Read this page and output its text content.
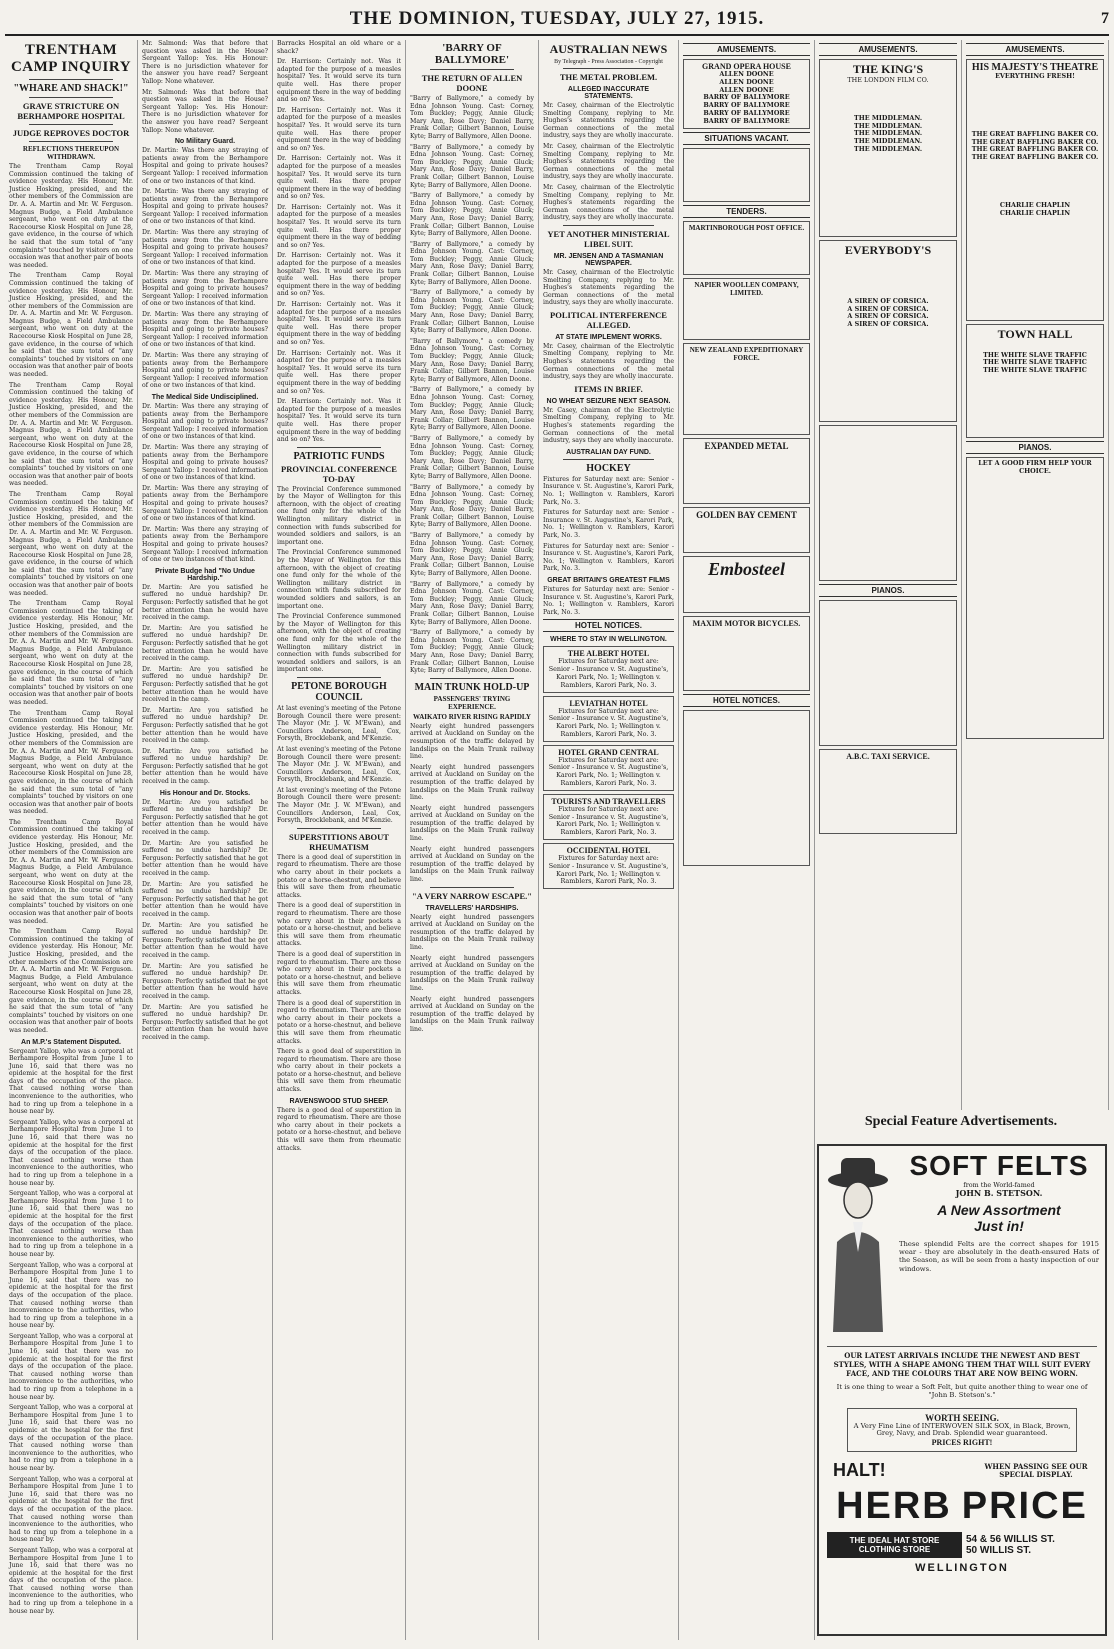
THE DOMINION, TUESDAY, JULY 27, 1915.	7
TRENTHAM CAMP INQUIRY
"WHARE AND SHACK!"
GRAVE STRICTURE ON BERHAMPORE HOSPITAL
JUDGE REPROVES DOCTOR
REFLECTIONS THEREUPON WITHDRAWN.

The Trentham Camp Royal Commission continued the taking of evidence yesterday. His Honour, Mr. Justice Hosking, presided, and the other members of the Commission are Dr. A. A. Martin and Mr. W. Ferguson. Magnus Budge, a Field Ambulance sergeant, who went on duty at the Racecourse Kiosk Hospital on June 28, gave evidence, in the course of which he said that the sum total of "any complaints" touched by visitors on one occasion was that another pair of boots was needed.

The Trentham Camp Royal Commission continued the taking of evidence yesterday. His Honour, Mr. Justice Hosking, presided, and the other members of the Commission are Dr. A. A. Martin and Mr. W. Ferguson. Magnus Budge, a Field Ambulance sergeant, who went on duty at the Racecourse Kiosk Hospital on June 28, gave evidence, in the course of which he said that the sum total of "any complaints" touched by visitors on one occasion was that another pair of boots was needed.

The Trentham Camp Royal Commission continued the taking of evidence yesterday. His Honour, Mr. Justice Hosking, presided, and the other members of the Commission are Dr. A. A. Martin and Mr. W. Ferguson. Magnus Budge, a Field Ambulance sergeant, who went on duty at the Racecourse Kiosk Hospital on June 28, gave evidence, in the course of which he said that the sum total of "any complaints" touched by visitors on one occasion was that another pair of boots was needed.

The Trentham Camp Royal Commission continued the taking of evidence yesterday. His Honour, Mr. Justice Hosking, presided, and the other members of the Commission are Dr. A. A. Martin and Mr. W. Ferguson. Magnus Budge, a Field Ambulance sergeant, who went on duty at the Racecourse Kiosk Hospital on June 28, gave evidence, in the course of which he said that the sum total of "any complaints" touched by visitors on one occasion was that another pair of boots was needed.

The Trentham Camp Royal Commission continued the taking of evidence yesterday. His Honour, Mr. Justice Hosking, presided, and the other members of the Commission are Dr. A. A. Martin and Mr. W. Ferguson. Magnus Budge, a Field Ambulance sergeant, who went on duty at the Racecourse Kiosk Hospital on June 28, gave evidence, in the course of which he said that the sum total of "any complaints" touched by visitors on one occasion was that another pair of boots was needed.

The Trentham Camp Royal Commission continued the taking of evidence yesterday. His Honour, Mr. Justice Hosking, presided, and the other members of the Commission are Dr. A. A. Martin and Mr. W. Ferguson. Magnus Budge, a Field Ambulance sergeant, who went on duty at the Racecourse Kiosk Hospital on June 28, gave evidence, in the course of which he said that the sum total of "any complaints" touched by visitors on one occasion was that another pair of boots was needed.

The Trentham Camp Royal Commission continued the taking of evidence yesterday. His Honour, Mr. Justice Hosking, presided, and the other members of the Commission are Dr. A. A. Martin and Mr. W. Ferguson. Magnus Budge, a Field Ambulance sergeant, who went on duty at the Racecourse Kiosk Hospital on June 28, gave evidence, in the course of which he said that the sum total of "any complaints" touched by visitors on one occasion was that another pair of boots was needed.

The Trentham Camp Royal Commission continued the taking of evidence yesterday. His Honour, Mr. Justice Hosking, presided, and the other members of the Commission are Dr. A. A. Martin and Mr. W. Ferguson. Magnus Budge, a Field Ambulance sergeant, who went on duty at the Racecourse Kiosk Hospital on June 28, gave evidence, in the course of which he said that the sum total of "any complaints" touched by visitors on one occasion was that another pair of boots was needed.

An M.P.'s Statement Disputed.

Sergeant Yallop, who was a corporal at Berhampore Hospital from June 1 to June 16, said that there was no epidemic at the hospital for the first days of the occupation of the place. That caused nothing worse than inconvenience to the authorities, who had to ring up from a telephone in a house near by.

Sergeant Yallop, who was a corporal at Berhampore Hospital from June 1 to June 16, said that there was no epidemic at the hospital for the first days of the occupation of the place. That caused nothing worse than inconvenience to the authorities, who had to ring up from a telephone in a house near by.

Sergeant Yallop, who was a corporal at Berhampore Hospital from June 1 to June 16, said that there was no epidemic at the hospital for the first days of the occupation of the place. That caused nothing worse than inconvenience to the authorities, who had to ring up from a telephone in a house near by.

Sergeant Yallop, who was a corporal at Berhampore Hospital from June 1 to June 16, said that there was no epidemic at the hospital for the first days of the occupation of the place. That caused nothing worse than inconvenience to the authorities, who had to ring up from a telephone in a house near by.

Sergeant Yallop, who was a corporal at Berhampore Hospital from June 1 to June 16, said that there was no epidemic at the hospital for the first days of the occupation of the place. That caused nothing worse than inconvenience to the authorities, who had to ring up from a telephone in a house near by.

Sergeant Yallop, who was a corporal at Berhampore Hospital from June 1 to June 16, said that there was no epidemic at the hospital for the first days of the occupation of the place. That caused nothing worse than inconvenience to the authorities, who had to ring up from a telephone in a house near by.

Sergeant Yallop, who was a corporal at Berhampore Hospital from June 1 to June 16, said that there was no epidemic at the hospital for the first days of the occupation of the place. That caused nothing worse than inconvenience to the authorities, who had to ring up from a telephone in a house near by.

Sergeant Yallop, who was a corporal at Berhampore Hospital from June 1 to June 16, said that there was no epidemic at the hospital for the first days of the occupation of the place. That caused nothing worse than inconvenience to the authorities, who had to ring up from a telephone in a house near by.

Mr. Salmond: Was that before that question was asked in the House? Sergeant Yallop: Yes. His Honour: There is no jurisdiction whatever for the answer you have read? Sergeant Yallop: None whatever.

Mr. Salmond: Was that before that question was asked in the House? Sergeant Yallop: Yes. His Honour: There is no jurisdiction whatever for the answer you have read? Sergeant Yallop: None whatever.

No Military Guard.

Dr. Martin: Was there any straying of patients away from the Berhampore Hospital and going to private houses? Sergeant Yallop: I received information of one or two instances of that kind.

Dr. Martin: Was there any straying of patients away from the Berhampore Hospital and going to private houses? Sergeant Yallop: I received information of one or two instances of that kind.

Dr. Martin: Was there any straying of patients away from the Berhampore Hospital and going to private houses? Sergeant Yallop: I received information of one or two instances of that kind.

Dr. Martin: Was there any straying of patients away from the Berhampore Hospital and going to private houses? Sergeant Yallop: I received information of one or two instances of that kind.

Dr. Martin: Was there any straying of patients away from the Berhampore Hospital and going to private houses? Sergeant Yallop: I received information of one or two instances of that kind.

Dr. Martin: Was there any straying of patients away from the Berhampore Hospital and going to private houses? Sergeant Yallop: I received information of one or two instances of that kind.

The Medical Side Undisciplined.

Dr. Martin: Was there any straying of patients away from the Berhampore Hospital and going to private houses? Sergeant Yallop: I received information of one or two instances of that kind.

Dr. Martin: Was there any straying of patients away from the Berhampore Hospital and going to private houses? Sergeant Yallop: I received information of one or two instances of that kind.

Dr. Martin: Was there any straying of patients away from the Berhampore Hospital and going to private houses? Sergeant Yallop: I received information of one or two instances of that kind.

Dr. Martin: Was there any straying of patients away from the Berhampore Hospital and going to private houses? Sergeant Yallop: I received information of one or two instances of that kind.

Private Budge had "No Undue Hardship."

Dr. Martin: Are you satisfied he suffered no undue hardship? Dr. Ferguson: Perfectly satisfied that he got better attention than he would have received in the camp.

Dr. Martin: Are you satisfied he suffered no undue hardship? Dr. Ferguson: Perfectly satisfied that he got better attention than he would have received in the camp.

Dr. Martin: Are you satisfied he suffered no undue hardship? Dr. Ferguson: Perfectly satisfied that he got better attention than he would have received in the camp.

Dr. Martin: Are you satisfied he suffered no undue hardship? Dr. Ferguson: Perfectly satisfied that he got better attention than he would have received in the camp.

Dr. Martin: Are you satisfied he suffered no undue hardship? Dr. Ferguson: Perfectly satisfied that he got better attention than he would have received in the camp.

His Honour and Dr. Stocks.

Dr. Martin: Are you satisfied he suffered no undue hardship? Dr. Ferguson: Perfectly satisfied that he got better attention than he would have received in the camp.

Dr. Martin: Are you satisfied he suffered no undue hardship? Dr. Ferguson: Perfectly satisfied that he got better attention than he would have received in the camp.

Dr. Martin: Are you satisfied he suffered no undue hardship? Dr. Ferguson: Perfectly satisfied that he got better attention than he would have received in the camp.

Dr. Martin: Are you satisfied he suffered no undue hardship? Dr. Ferguson: Perfectly satisfied that he got better attention than he would have received in the camp.

Dr. Martin: Are you satisfied he suffered no undue hardship? Dr. Ferguson: Perfectly satisfied that he got better attention than he would have received in the camp.

Dr. Martin: Are you satisfied he suffered no undue hardship? Dr. Ferguson: Perfectly satisfied that he got better attention than he would have received in the camp.

Barracks Hospital an old whare or a shack?

Dr. Harrison: Certainly not. Was it adapted for the purpose of a measles hospital? Yes. It would serve its turn quite well. Has there proper equipment there in the way of bedding and so on? Yes.

Dr. Harrison: Certainly not. Was it adapted for the purpose of a measles hospital? Yes. It would serve its turn quite well. Has there proper equipment there in the way of bedding and so on? Yes.

Dr. Harrison: Certainly not. Was it adapted for the purpose of a measles hospital? Yes. It would serve its turn quite well. Has there proper equipment there in the way of bedding and so on? Yes.

Dr. Harrison: Certainly not. Was it adapted for the purpose of a measles hospital? Yes. It would serve its turn quite well. Has there proper equipment there in the way of bedding and so on? Yes.

Dr. Harrison: Certainly not. Was it adapted for the purpose of a measles hospital? Yes. It would serve its turn quite well. Has there proper equipment there in the way of bedding and so on? Yes.

Dr. Harrison: Certainly not. Was it adapted for the purpose of a measles hospital? Yes. It would serve its turn quite well. Has there proper equipment there in the way of bedding and so on? Yes.

Dr. Harrison: Certainly not. Was it adapted for the purpose of a measles hospital? Yes. It would serve its turn quite well. Has there proper equipment there in the way of bedding and so on? Yes.

Dr. Harrison: Certainly not. Was it adapted for the purpose of a measles hospital? Yes. It would serve its turn quite well. Has there proper equipment there in the way of bedding and so on? Yes.

PATRIOTIC FUNDS
PROVINCIAL CONFERENCE TO-DAY

The Provincial Conference summoned by the Mayor of Wellington for this afternoon, with the object of creating one fund only for the whole of the Wellington military district in connection with funds subscribed for wounded soldiers and sailors, is an important one.

The Provincial Conference summoned by the Mayor of Wellington for this afternoon, with the object of creating one fund only for the whole of the Wellington military district in connection with funds subscribed for wounded soldiers and sailors, is an important one.

The Provincial Conference summoned by the Mayor of Wellington for this afternoon, with the object of creating one fund only for the whole of the Wellington military district in connection with funds subscribed for wounded soldiers and sailors, is an important one.

PETONE BOROUGH COUNCIL

At last evening's meeting of the Petone Borough Council there were present: The Mayor (Mr. J. W. M'Ewan), and Councillors Anderson, Leal, Cox, Forsyth, Brocklebank, and M'Kenzie.

At last evening's meeting of the Petone Borough Council there were present: The Mayor (Mr. J. W. M'Ewan), and Councillors Anderson, Leal, Cox, Forsyth, Brocklebank, and M'Kenzie.

At last evening's meeting of the Petone Borough Council there were present: The Mayor (Mr. J. W. M'Ewan), and Councillors Anderson, Leal, Cox, Forsyth, Brocklebank, and M'Kenzie.

SUPERSTITIONS ABOUT RHEUMATISM

There is a good deal of superstition in regard to rheumatism. There are those who carry about in their pockets a potato or a horse-chestnut, and believe this will save them from rheumatic attacks.

There is a good deal of superstition in regard to rheumatism. There are those who carry about in their pockets a potato or a horse-chestnut, and believe this will save them from rheumatic attacks.

There is a good deal of superstition in regard to rheumatism. There are those who carry about in their pockets a potato or a horse-chestnut, and believe this will save them from rheumatic attacks.

There is a good deal of superstition in regard to rheumatism. There are those who carry about in their pockets a potato or a horse-chestnut, and believe this will save them from rheumatic attacks.

There is a good deal of superstition in regard to rheumatism. There are those who carry about in their pockets a potato or a horse-chestnut, and believe this will save them from rheumatic attacks.

RAVENSWOOD STUD SHEEP.

There is a good deal of superstition in regard to rheumatism. There are those who carry about in their pockets a potato or a horse-chestnut, and believe this will save them from rheumatic attacks.

'BARRY OF BALLYMORE'
THE RETURN OF ALLEN DOONE

"Barry of Ballymore," a comedy by Edna Johnson Young. Cast: Corney, Tom Buckley; Peggy, Annie Gluck; Mary Ann, Rose Davy; Daniel Barry, Frank Collar; Gilbert Bannon, Louise Kyte; Barry of Ballymore, Allen Doone.

"Barry of Ballymore," a comedy by Edna Johnson Young. Cast: Corney, Tom Buckley; Peggy, Annie Gluck; Mary Ann, Rose Davy; Daniel Barry, Frank Collar; Gilbert Bannon, Louise Kyte; Barry of Ballymore, Allen Doone.

"Barry of Ballymore," a comedy by Edna Johnson Young. Cast: Corney, Tom Buckley; Peggy, Annie Gluck; Mary Ann, Rose Davy; Daniel Barry, Frank Collar; Gilbert Bannon, Louise Kyte; Barry of Ballymore, Allen Doone.

"Barry of Ballymore," a comedy by Edna Johnson Young. Cast: Corney, Tom Buckley; Peggy, Annie Gluck; Mary Ann, Rose Davy; Daniel Barry, Frank Collar; Gilbert Bannon, Louise Kyte; Barry of Ballymore, Allen Doone.

"Barry of Ballymore," a comedy by Edna Johnson Young. Cast: Corney, Tom Buckley; Peggy, Annie Gluck; Mary Ann, Rose Davy; Daniel Barry, Frank Collar; Gilbert Bannon, Louise Kyte; Barry of Ballymore, Allen Doone.

"Barry of Ballymore," a comedy by Edna Johnson Young. Cast: Corney, Tom Buckley; Peggy, Annie Gluck; Mary Ann, Rose Davy; Daniel Barry, Frank Collar; Gilbert Bannon, Louise Kyte; Barry of Ballymore, Allen Doone.

"Barry of Ballymore," a comedy by Edna Johnson Young. Cast: Corney, Tom Buckley; Peggy, Annie Gluck; Mary Ann, Rose Davy; Daniel Barry, Frank Collar; Gilbert Bannon, Louise Kyte; Barry of Ballymore, Allen Doone.

"Barry of Ballymore," a comedy by Edna Johnson Young. Cast: Corney, Tom Buckley; Peggy, Annie Gluck; Mary Ann, Rose Davy; Daniel Barry, Frank Collar; Gilbert Bannon, Louise Kyte; Barry of Ballymore, Allen Doone.

"Barry of Ballymore," a comedy by Edna Johnson Young. Cast: Corney, Tom Buckley; Peggy, Annie Gluck; Mary Ann, Rose Davy; Daniel Barry, Frank Collar; Gilbert Bannon, Louise Kyte; Barry of Ballymore, Allen Doone.

"Barry of Ballymore," a comedy by Edna Johnson Young. Cast: Corney, Tom Buckley; Peggy, Annie Gluck; Mary Ann, Rose Davy; Daniel Barry, Frank Collar; Gilbert Bannon, Louise Kyte; Barry of Ballymore, Allen Doone.

"Barry of Ballymore," a comedy by Edna Johnson Young. Cast: Corney, Tom Buckley; Peggy, Annie Gluck; Mary Ann, Rose Davy; Daniel Barry, Frank Collar; Gilbert Bannon, Louise Kyte; Barry of Ballymore, Allen Doone.

"Barry of Ballymore," a comedy by Edna Johnson Young. Cast: Corney, Tom Buckley; Peggy, Annie Gluck; Mary Ann, Rose Davy; Daniel Barry, Frank Collar; Gilbert Bannon, Louise Kyte; Barry of Ballymore, Allen Doone.

MAIN TRUNK HOLD-UP
PASSENGERS' TRYING EXPERIENCE.
WAIKATO RIVER RISING RAPIDLY

Nearly eight hundred passengers arrived at Auckland on Sunday on the resumption of the traffic delayed by landslips on the Main Trunk railway line.

Nearly eight hundred passengers arrived at Auckland on Sunday on the resumption of the traffic delayed by landslips on the Main Trunk railway line.

Nearly eight hundred passengers arrived at Auckland on Sunday on the resumption of the traffic delayed by landslips on the Main Trunk railway line.

Nearly eight hundred passengers arrived at Auckland on Sunday on the resumption of the traffic delayed by landslips on the Main Trunk railway line.

"A VERY NARROW ESCAPE."
TRAVELLERS' HARDSHIPS.

Nearly eight hundred passengers arrived at Auckland on Sunday on the resumption of the traffic delayed by landslips on the Main Trunk railway line.

Nearly eight hundred passengers arrived at Auckland on Sunday on the resumption of the traffic delayed by landslips on the Main Trunk railway line.

Nearly eight hundred passengers arrived at Auckland on Sunday on the resumption of the traffic delayed by landslips on the Main Trunk railway line.

AUSTRALIAN NEWS
By Telegraph - Press Association - Copyright
THE METAL PROBLEM.
ALLEGED INACCURATE STATEMENTS.

Mr. Casey, chairman of the Electrolytic Smelting Company, replying to Mr. Hughes's statements regarding the German connections of the metal industry, says they are wholly inaccurate.

Mr. Casey, chairman of the Electrolytic Smelting Company, replying to Mr. Hughes's statements regarding the German connections of the metal industry, says they are wholly inaccurate.

Mr. Casey, chairman of the Electrolytic Smelting Company, replying to Mr. Hughes's statements regarding the German connections of the metal industry, says they are wholly inaccurate.

YET ANOTHER MINISTERIAL LIBEL SUIT.
MR. JENSEN AND A TASMANIAN NEWSPAPER.

Mr. Casey, chairman of the Electrolytic Smelting Company, replying to Mr. Hughes's statements regarding the German connections of the metal industry, says they are wholly inaccurate.

POLITICAL INTERFERENCE ALLEGED.
AT STATE IMPLEMENT WORKS.

Mr. Casey, chairman of the Electrolytic Smelting Company, replying to Mr. Hughes's statements regarding the German connections of the metal industry, says they are wholly inaccurate.

ITEMS IN BRIEF.
NO WHEAT SEIZURE NEXT SEASON.

Mr. Casey, chairman of the Electrolytic Smelting Company, replying to Mr. Hughes's statements regarding the German connections of the metal industry, says they are wholly inaccurate.

AUSTRALIAN DAY FUND.
HOCKEY

Fixtures for Saturday next are: Senior - Insurance v. St. Augustine's, Karori Park, No. 1; Wellington v. Ramblers, Karori Park, No. 3.

Fixtures for Saturday next are: Senior - Insurance v. St. Augustine's, Karori Park, No. 1; Wellington v. Ramblers, Karori Park, No. 3.

Fixtures for Saturday next are: Senior - Insurance v. St. Augustine's, Karori Park, No. 1; Wellington v. Ramblers, Karori Park, No. 3.

GREAT BRITAIN'S GREATEST FILMS

Fixtures for Saturday next are: Senior - Insurance v. St. Augustine's, Karori Park, No. 1; Wellington v. Ramblers, Karori Park, No. 3.

HOTEL NOTICES.
WHERE TO STAY IN WELLINGTON.
THE ALBERT HOTEL
Fixtures for Saturday next are: Senior - Insurance v. St. Augustine's, Karori Park, No. 1; Wellington v. Ramblers, Karori Park, No. 3.
LEVIATHAN HOTEL
Fixtures for Saturday next are: Senior - Insurance v. St. Augustine's, Karori Park, No. 1; Wellington v. Ramblers, Karori Park, No. 3.
HOTEL GRAND CENTRAL
Fixtures for Saturday next are: Senior - Insurance v. St. Augustine's, Karori Park, No. 1; Wellington v. Ramblers, Karori Park, No. 3.
TOURISTS AND TRAVELLERS
Fixtures for Saturday next are: Senior - Insurance v. St. Augustine's, Karori Park, No. 1; Wellington v. Ramblers, Karori Park, No. 3.
OCCIDENTAL HOTEL
Fixtures for Saturday next are: Senior - Insurance v. St. Augustine's, Karori Park, No. 1; Wellington v. Ramblers, Karori Park, No. 3.
AMUSEMENTS.
GRAND OPERA HOUSE
ALLEN DOONE
ALLEN DOONE
ALLEN DOONE
BARRY OF BALLYMORE
BARRY OF BALLYMORE
BARRY OF BALLYMORE
BARRY OF BALLYMORE
SITUATIONS VACANT.
TENDERS.
MARTINBOROUGH POST OFFICE.
NAPIER WOOLLEN COMPANY, LIMITED.
NEW ZEALAND EXPEDITIONARY FORCE.
EXPANDED METAL
GOLDEN BAY CEMENT
Embosteel
MAXIM MOTOR BICYCLES.
HOTEL NOTICES.
AMUSEMENTS.
THE KING'S
THE LONDON FILM CO.
THE MIDDLEMAN.
THE MIDDLEMAN.
THE MIDDLEMAN.
THE MIDDLEMAN.
THE MIDDLEMAN.
EVERYBODY'S
A SIREN OF CORSICA.
A SIREN OF CORSICA.
A SIREN OF CORSICA.
A SIREN OF CORSICA.
PIANOS.
A.B.C. TAXI SERVICE.
AMUSEMENTS.
HIS MAJESTY'S THEATRE
EVERYTHING FRESH!
THE GREAT BAFFLING BAKER CO.
THE GREAT BAFFLING BAKER CO.
THE GREAT BAFFLING BAKER CO.
THE GREAT BAFFLING BAKER CO.
CHARLIE CHAPLIN
CHARLIE CHAPLIN
TOWN HALL
THE WHITE SLAVE TRAFFIC
THE WHITE SLAVE TRAFFIC
THE WHITE SLAVE TRAFFIC
PIANOS.
LET A GOOD FIRM HELP YOUR CHOICE.
Special Feature Advertisements.
SOFT FELTS
from the World-famed
JOHN B. STETSON.
A New Assortment
Just in!

These splendid Felts are the correct shapes for 1915 wear - they are absolutely in the death-ensured Hats of the Season, as will be seen from a hasty inspection of our windows.

OUR LATEST ARRIVALS INCLUDE THE NEWEST AND BEST STYLES, WITH A SHAPE AMONG THEM THAT WILL SUIT EVERY FACE, AND THE COLOURS THAT ARE NOW BEING WORN.
It is one thing to wear a Soft Felt, but quite another thing to wear one of "John B. Stetson's."
WORTH SEEING.
A Very Fine Line of INTERWOVEN SILK SOX, in Black, Brown, Grey, Navy, and Drab. Splendid wear guaranteed.
PRICES RIGHT!
HALT!	WHEN PASSING SEE OUR SPECIAL DISPLAY.
HERB PRICE
THE IDEAL HAT STORE CLOTHING STORE
54 & 56 WILLIS ST.
50 WILLIS ST.
WELLINGTON
